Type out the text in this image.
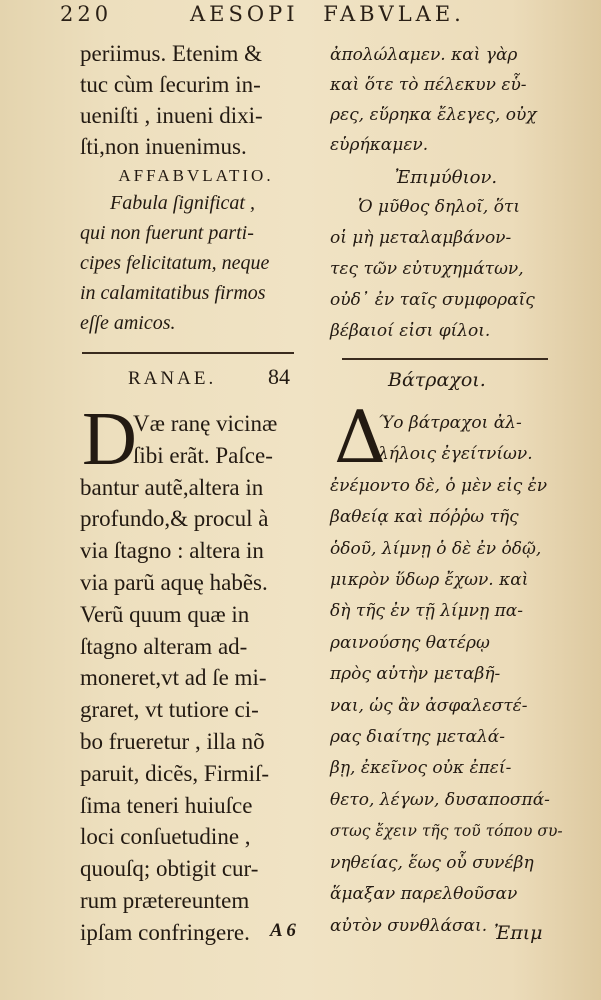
220	AESOPI FABVLAE.
periimus. Etenim &
tuc cùm ſecurim in-
ueniſti , inueni dixi-
ſti,non inuenimus.
AFFABVLATIO.
Fabula ſignificat ,
qui non fuerunt parti-
cipes felicitatum, neque
in calamitatibus firmos
eſſe amicos.
ἀπολώλαμεν. καὶ γὰρ
καὶ ὅτε τὸ πέλεκυν εὗ-
ρες, εὕρηκα ἔλεγες, οὐχ
εὑρήκαμεν.
Ἐπιμύθιον.
Ὁ μῦθος δηλοῖ, ὅτι
οἱ μὴ μεταλαμβάνον-
τες τῶν εὐτυχημάτων,
οὐδ᾽ ἐν ταῖς συμφοραῖς
βέβαιοί εἰσι φίλοι.
RANAE. 84	Βάτραχοι.
D
Væ ranę vicinæ
ſibi erãt. Paſce-
bantur autẽ,altera in
profundo,& procul à
via ſtagno : altera in
via parũ aquę habẽs.
Verũ quum quæ in
ſtagno alteram ad-
moneret,vt ad ſe mi-
graret, vt tutiore ci-
bo frueretur , illa nõ
paruit, dicẽs, Firmiſ-
ſima teneri huiuſce
loci conſuetudine ,
quouſq; obtigit cur-
rum prætereuntem
ipſam confringere.
Δ
Ύο βάτραχοι ἀλ-
λήλοις ἐγείτνίων.
ἐνέμοντο δὲ, ὁ μὲν εἰς ἐν
βαθείᾳ καὶ πόῤῥω τῆς
ὁδοῦ, λίμνῃ ὁ δὲ ἐν ὁδῷ,
μικρὸν ὕδωρ ἔχων. καὶ
δὴ τῆς ἐν τῇ λίμνῃ πα-
ραινούσης θατέρῳ
πρὸς αὐτὴν μεταβῆ-
ναι, ὡς ἂν ἀσφαλεστέ-
ρας διαίτης μεταλά-
βῃ, ἐκεῖνος οὐκ ἐπεί-
θετο, λέγων, δυσαποσπά-
στως ἔχειν τῆς τοῦ τόπου συ-
νηθείας, ἕως οὗ συνέβη
ἅμαξαν παρελθοῦσαν
αὐτὸν συνθλάσαι.
A 6	Ἐπιμ
